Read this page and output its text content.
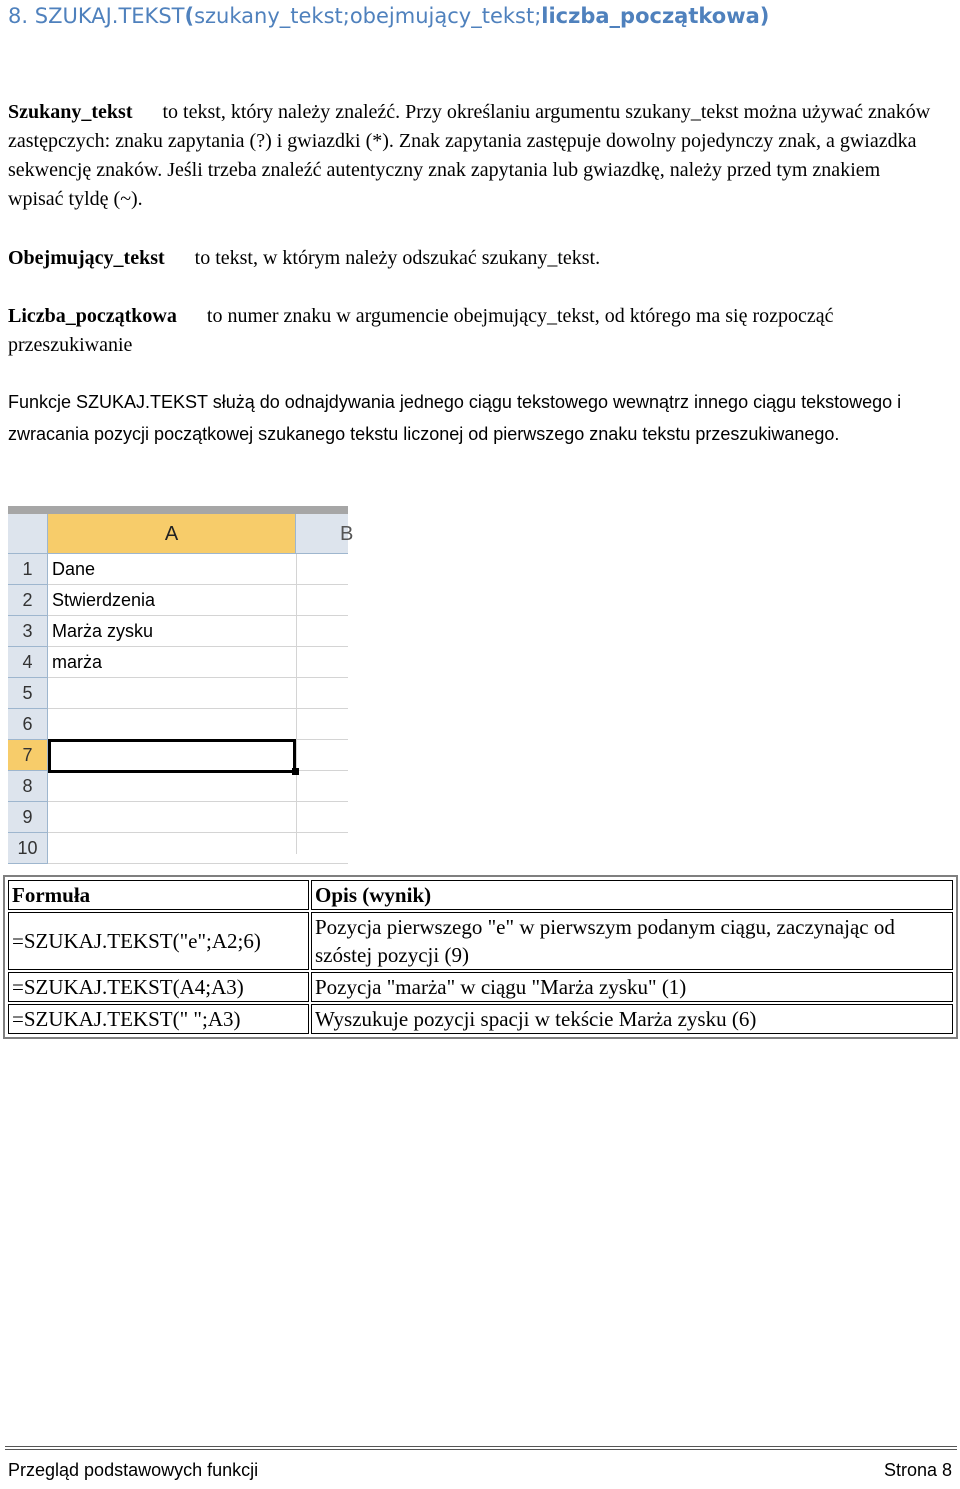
8. SZUKAJ.TEKST(szukany_tekst;obejmujący_tekst;liczba_początkowa)
Szukany_tekst to tekst, który należy znaleźć. Przy określaniu argumentu szukany_tekst można używać znaków zastępczych: znaku zapytania (?) i gwiazdki (*). Znak zapytania zastępuje dowolny pojedynczy znak, a gwiazdka sekwencję znaków. Jeśli trzeba znaleźć autentyczny znak zapytania lub gwiazdkę, należy przed tym znakiem wpisać tyldę (~).
Obejmujący_tekst to tekst, w którym należy odszukać szukany_tekst.
Liczba_początkowa to numer znaku w argumencie obejmujący_tekst, od którego ma się rozpocząć przeszukiwanie
Funkcje SZUKAJ.TEKST służą do odnajdywania jednego ciągu tekstowego wewnątrz innego ciągu tekstowego i zwracania pozycji początkowej szukanego tekstu liczonej od pierwszego znaku tekstu przeszukiwanego.
A	B
1	Dane
2	Stwierdzenia
3	Marża zysku
4	marża
5
6
7
8
9
10
Formuła	Opis (wynik)
=SZUKAJ.TEKST("e";A2;6)	Pozycja pierwszego "e" w pierwszym podanym ciągu, zaczynając od szóstej pozycji (9)
=SZUKAJ.TEKST(A4;A3)	Pozycja "marża" w ciągu "Marża zysku" (1)
=SZUKAJ.TEKST(" ";A3)	Wyszukuje pozycji spacji w tekście Marża zysku (6)
Przegląd podstawowych funkcji	Strona 8
